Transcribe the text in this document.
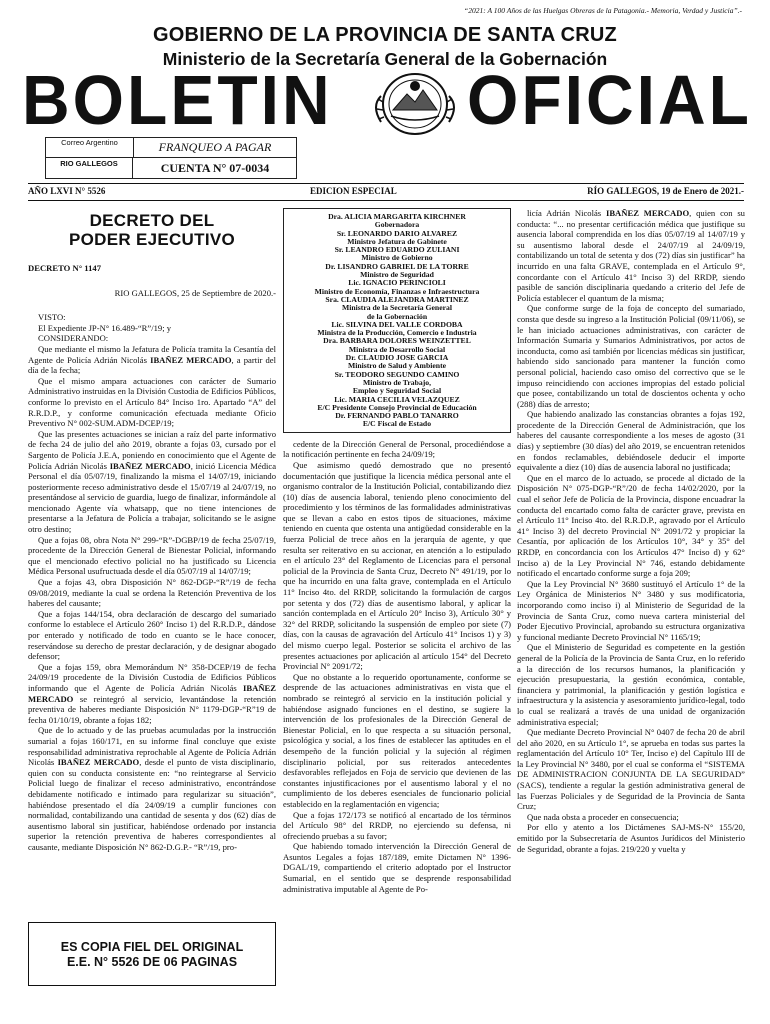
“2021: A 100 Años de las Huelgas Obreras de la Patagonia.- Memoria, Verdad y Justicia”.-
GOBIERNO DE LA PROVINCIA DE SANTA CRUZ
Ministerio de la Secretaría General de la Gobernación
BOLETIN OFICIAL
Correo Argentino
RIO GALLEGOS
FRANQUEO A PAGAR
CUENTA N° 07-0034
AÑO LXVI N° 5526	EDICION ESPECIAL	RÍO GALLEGOS, 19 de Enero de 2021.-
DECRETO DEL
PODER EJECUTIVO
DECRETO N° 1147

RIO GALLEGOS, 25 de Septiembre de 2020.-

VISTO:

El Expediente JP-N° 16.489-“R”/19; y

CONSIDERANDO:

Que mediante el mismo la Jefatura de Policía tramita la Cesantía del Agente de Policía Adrián Nicolás IBAÑEZ MERCADO, a partir del día de la fecha;

Que el mismo ampara actuaciones con carácter de Sumario Administrativo instruidas en la División Custodia de Edificios Públicos, conforme lo previsto en el Artículo 84° Inciso 1ro. Apartado “A” del R.R.D.P., y conforme comunicación efectuada mediante Oficio Preventivo N° 002-SUM.ADM-DCEP/19;

Que las presentes actuaciones se inician a raíz del parte informativo de fecha 24 de julio del año 2019, obrante a fojas 03, cursado por el Sargento de Policía J.E.A, poniendo en conocimiento que el Agente de Policía Adrián Nicolás IBAÑEZ MERCADO, inició Licencia Médica Personal el día 05/07/19, finalizando la misma el 14/07/19, iniciando posteriormente receso administrativo desde el 15/07/19 al 24/07/19, no presentándose al servicio de guardia, luego de finalizar, informándole al mencionado Agente vía whatsapp, que no tiene intenciones de presentarse a la Jefatura de Policía a trabajar, solicitando se le asigne otro destino;

Que a fojas 08, obra Nota N° 299-“R”-DGBP/19 de fecha 25/07/19, procedente de la Dirección General de Bienestar Policial, informando que el mencionado efectivo policial no ha justificado su Licencia Médica Personal usufructuada desde el día 05/07/19 al 14/07/19;

Que a fojas 43, obra Disposición N° 862-DGP-“R”/19 de fecha 09/08/2019, mediante la cual se ordena la Retención Preventiva de los haberes del causante;

Que a fojas 144/154, obra declaración de descargo del sumariado conforme lo establece el Artículo 260° Inciso 1) del R.R.D.P., dándose por enterado y notificado de todo en cuanto se le hace conocer, reservándose su derecho de prestar declaración, y de designar abogado defensor;

Que a fojas 159, obra Memorándum N° 358-DCEP/19 de fecha 24/09/19 procedente de la División Custodia de Edificios Públicos informando que el Agente de Policía Adrián Nicolás IBAÑEZ MERCADO se reintegró al servicio, levantándose la retención preventiva de haberes mediante Disposición N° 1179-DGP-“R”19 de fecha 01/10/19, obrante a fojas 182;

Que de lo actuado y de las pruebas acumuladas por la instrucción sumarial a fojas 160/171, en su informe final concluye que existe responsabilidad administrativa reprochable al Agente de Policía Adrián Nicolás IBAÑEZ MERCADO, desde el punto de vista disciplinario, quien con su conducta consistente en: “no reintegrarse al Servicio Policial luego de finalizar el receso administrativo, encontrándose debidamente notificado e intimado para regularizar su situación”, habiéndose presentado el día 24/09/19 a cumplir funciones con normalidad, contabilizando una cantidad de sesenta y dos (62) días de ausentismo laboral sin justificar, habiéndose ordenado por instancia superior la retención preventiva de haberes correspondientes al causante, mediante Disposición N° 862-D.G.P.- “R”/19, pro-

Dra. ALICIA MARGARITA KIRCHNER
Gobernadora
Sr. LEONARDO DARIO ALVAREZ
Ministro Jefatura de Gabinete
Sr. LEANDRO EDUARDO ZULIANI
Ministro de Gobierno
Dr. LISANDRO GABRIEL DE LA TORRE
Ministro de Seguridad
Lic. IGNACIO PERINCIOLI
Ministro de Economía, Finanzas e Infraestructura
Sra. CLAUDIA ALEJANDRA MARTINEZ
Ministra de la Secretaría General
de la Gobernación
Lic. SILVINA DEL VALLE CORDOBA
Ministra de la Producción, Comercio e Industria
Dra. BARBARA DOLORES WEINZETTEL
Ministra de Desarrollo Social
Dr. CLAUDIO JOSE GARCIA
Ministro de Salud y Ambiente
Sr. TEODORO SEGUNDO CAMINO
Ministro de Trabajo,
Empleo y Seguridad Social
Lic. MARIA CECILIA VELAZQUEZ
E/C Presidente Consejo Provincial de Educación
Dr. FERNANDO PABLO TANARRO
E/C Fiscal de Estado

cedente de la Dirección General de Personal, procediéndose a la notificación pertinente en fecha 24/09/19;

Que asimismo quedó demostrado que no presentó documentación que justifique la licencia médica personal ante el organismo contralor de la Institución Policial, contabilizando diez (10) días de ausencia laboral, teniendo pleno conocimiento del procedimiento y los términos de las formalidades administrativas que se llevan a cabo en estos tipos de situaciones, máxime teniendo en cuenta que ostenta una antigüedad considerable en la fuerza Policial de trece años en la jerarquía de agente, y que resulta ser reiterativo en su accionar, en atención a lo estipulado en el artículo 23° del Reglamento de Licencias para el personal policial de la Provincia de Santa Cruz, Decreto N° 491/19, por lo que ha incurrido en una falta grave, contemplada en el Artículo 11° Inciso 4to. del RRDP, solicitando la formulación de cargos por setenta y dos (72) días de ausentismo laboral, y aplicar la sanción contemplada en el Artículo 20° Inciso 3), Artículo 30° y 32° del RRDP, solicitando la suspensión de empleo por siete (7) días, con la causas de agravación del Artículo 41° Incisos 1) y 3) del mismo cuerpo legal. Posterior se solicita el archivo de las presentes actuaciones por aplicación al artículo 154° del Decreto Provincial N° 2091/72;

Que no obstante a lo requerido oportunamente, conforme se desprende de las actuaciones administrativas en vista que el nombrado se reintegró al servicio en la institución policial y habiéndose asignado funciones en el destino, se sugiere la intervención de los profesionales de la Dirección General de Bienestar Policial, en lo que respecta a su situación personal, psicológica y social, a los fines de establecer las aptitudes en el desempeño de la función policial y la sujeción al régimen disciplinario policial, por sus reiterados antecedentes desfavorables reflejados en Foja de servicio que devienen de las constantes injustificaciones por el ausentismo laboral y el no cumplimiento de los deberes esenciales de funcionario policial establecido en la reglamentación en vigencia;

Que a fojas 172/173 se notificó al encartado de los términos del Artículo 98° del RRDP, no ejerciendo su defensa, ni ofreciendo pruebas a su favor;

Que habiendo tomado intervención la Dirección General de Asuntos Legales a fojas 187/189, emite Dictamen N° 1396-DGAL/19, compartiendo el criterio adoptado por el Instructor Sumarial, en el sentido que se desprende responsabilidad administrativa imputable al Agente de Po-

licía Adrián Nicolás IBAÑEZ MERCADO, quien con su conducta: “... no presentar certificación médica que justifique su ausencia laboral comprendida en los días 05/07/19 al 14/07/19 y su ausentismo laboral desde el 24/07/19 al 24/09/19, contabilizando un total de setenta y dos (72) días sin justificar” ha incurrido en una falta GRAVE, contemplada en el Artículo 9°, concordante con el Artículo 41° Inciso 3) del RRDP, siendo pasible de sanción disciplinaria quedando a criterio del Jefe de Policía establecer el quantum de la misma;

Que conforme surge de la foja de concepto del sumariado, consta que desde su ingreso a la Institución Policial (09/11/06), se le han iniciado actuaciones administrativas, con carácter de Información Sumaria y Sumarios Administrativos, por actos de inconducta, como así también por licencias médicas sin justificar, habiendo sido sancionado para mantener la función como personal policial, haciendo caso omiso del correctivo que se le impuso reincidiendo con acciones impropias del estado policial que posee, contabilizando un total de doscientos ochenta y ocho (288) días de arresto;

Que habiendo analizado las constancias obrantes a fojas 192, procedente de la Dirección General de Administración, que los haberes del causante correspondiente a los meses de agosto (31 días) y septiembre (30 días) del año 2019, se encuentran retenidos en fondos reclamables, debiéndosele deducir el importe equivalente a diez (10) días de ausencia laboral no justificada;

Que en el marco de lo actuado, se procede al dictado de la Disposición N° 075-DGP-“R”/20 de fecha 14/02/2020, por la cual el señor Jefe de Policía de la Provincia, dispone encuadrar la conducta del encartado como falta de carácter grave, prevista en el Artículo 11° Inciso 4to. del R.R.D.P., agravado por el Artículo 41° Inciso 3) del decreto Provincial N° 2091/72 y propiciar la Cesantía, por aplicación de los Artículos 10°, 34° y 35° del RRDP, en concordancia con los Artículos 47° Inciso d) y 62° Inciso a) de la Ley Provincial N° 746, estando debidamente notificado el encartado conforme surge a foja 209;

Que la Ley Provincial N° 3680 sustituyó el Artículo 1° de la Ley Orgánica de Ministerios N° 3480 y sus modificatoria, incorporando como inciso i) al Ministerio de Seguridad de la Provincia de Santa Cruz, como nueva cartera ministerial del Poder Ejecutivo Provincial, aprobando su estructura organizativa y funcional mediante Decreto Provincial N° 1165/19;

Que el Ministerio de Seguridad es competente en la gestión general de la Policía de la Provincia de Santa Cruz, en lo referido a la dirección de los recursos humanos, la planificación y ejecución presupuestaria, la gestión económica, contable, financiera y patrimonial, la planificación y gestión logística e infraestructura y la asistencia y asesoramiento jurídico-legal, todo lo cual se realizará a través de una unidad de organización administrativa especial;

Que mediante Decreto Provincial N° 0407 de fecha 20 de abril del año 2020, en su Artículo 1°, se aprueba en todas sus partes la reglamentación del Artículo 10° Ter, Inciso e) del Capítulo III de la Ley Provincial N° 3480, por el cual se conforma el “SISTEMA DE ADMINISTRACION CONJUNTA DE LA SEGURIDAD” (SACS), tendiente a regular la gestión administrativa general de las Fuerzas Policiales y de Seguridad de la Provincia de Santa Cruz;

Que nada obsta a proceder en consecuencia;

Por ello y atento a los Dictámenes SAJ-MS-N° 155/20, emitido por la Subsecretaría de Asuntos Jurídicos del Ministerio de Seguridad, obrante a fojas. 219/220 y vuelta y

ES COPIA FIEL DEL ORIGINAL
E.E. N° 5526 DE 06 PAGINAS
